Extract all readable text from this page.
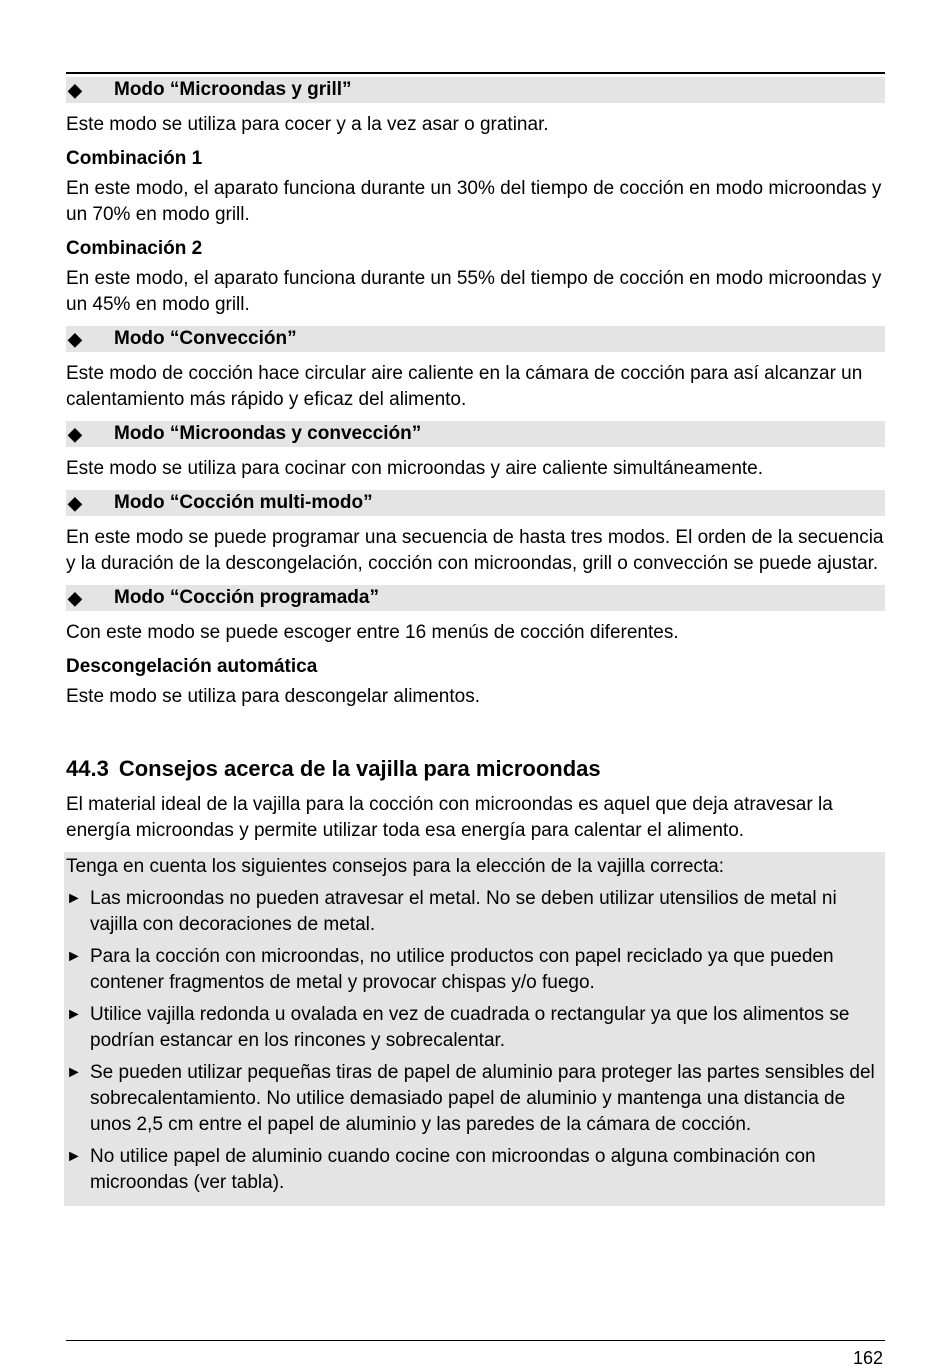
◆	Modo “Microondas y grill”

Este modo se utiliza para cocer y a la vez asar o gratinar.

Combinación 1

En este modo, el aparato funciona durante un 30% del tiempo de cocción en modo microondas y un 70% en modo grill.

Combinación 2

En este modo, el aparato funciona durante un 55% del tiempo de cocción en modo microondas y un 45% en modo grill.

◆	Modo “Convección”

Este modo de cocción hace circular aire caliente en la cámara de cocción para así alcanzar un calentamiento más rápido y eficaz del alimento.

◆	Modo “Microondas y convección”

Este modo se utiliza para cocinar con microondas y aire caliente simultáneamente.

◆	Modo “Cocción multi-modo”

En este modo se puede programar una secuencia de hasta tres modos. El orden de la secuencia y la duración de la descongelación, cocción con microondas, grill o convección se puede ajustar.

◆	Modo “Cocción programada”

Con este modo se puede escoger entre 16 menús de cocción diferentes.

Descongelación automática

Este modo se utiliza para descongelar alimentos.

44.3 Consejos acerca de la vajilla para microondas

El material ideal de la vajilla para la cocción con microondas es aquel que deja atravesar la energía microondas y permite utilizar toda esa energía para calentar el alimento.

Tenga en cuenta los siguientes consejos para la elección de la vajilla correcta:

► Las microondas no pueden atravesar el metal. No se deben utilizar utensilios de metal ni vajilla con decoraciones de metal.
► Para la cocción con microondas, no utilice productos con papel reciclado ya que pueden contener fragmentos de metal y provocar chispas y/o fuego.
► Utilice vajilla redonda u ovalada en vez de cuadrada o rectangular ya que los alimentos se podrían estancar en los rincones y sobrecalentar.
► Se pueden utilizar pequeñas tiras de papel de aluminio para proteger las partes sensibles del sobrecalentamiento. No utilice demasiado papel de aluminio y mantenga una distancia de unos 2,5 cm entre el papel de aluminio y las paredes de la cámara de cocción.
► No utilice papel de aluminio cuando cocine con microondas o alguna combinación con microondas (ver tabla).
162
